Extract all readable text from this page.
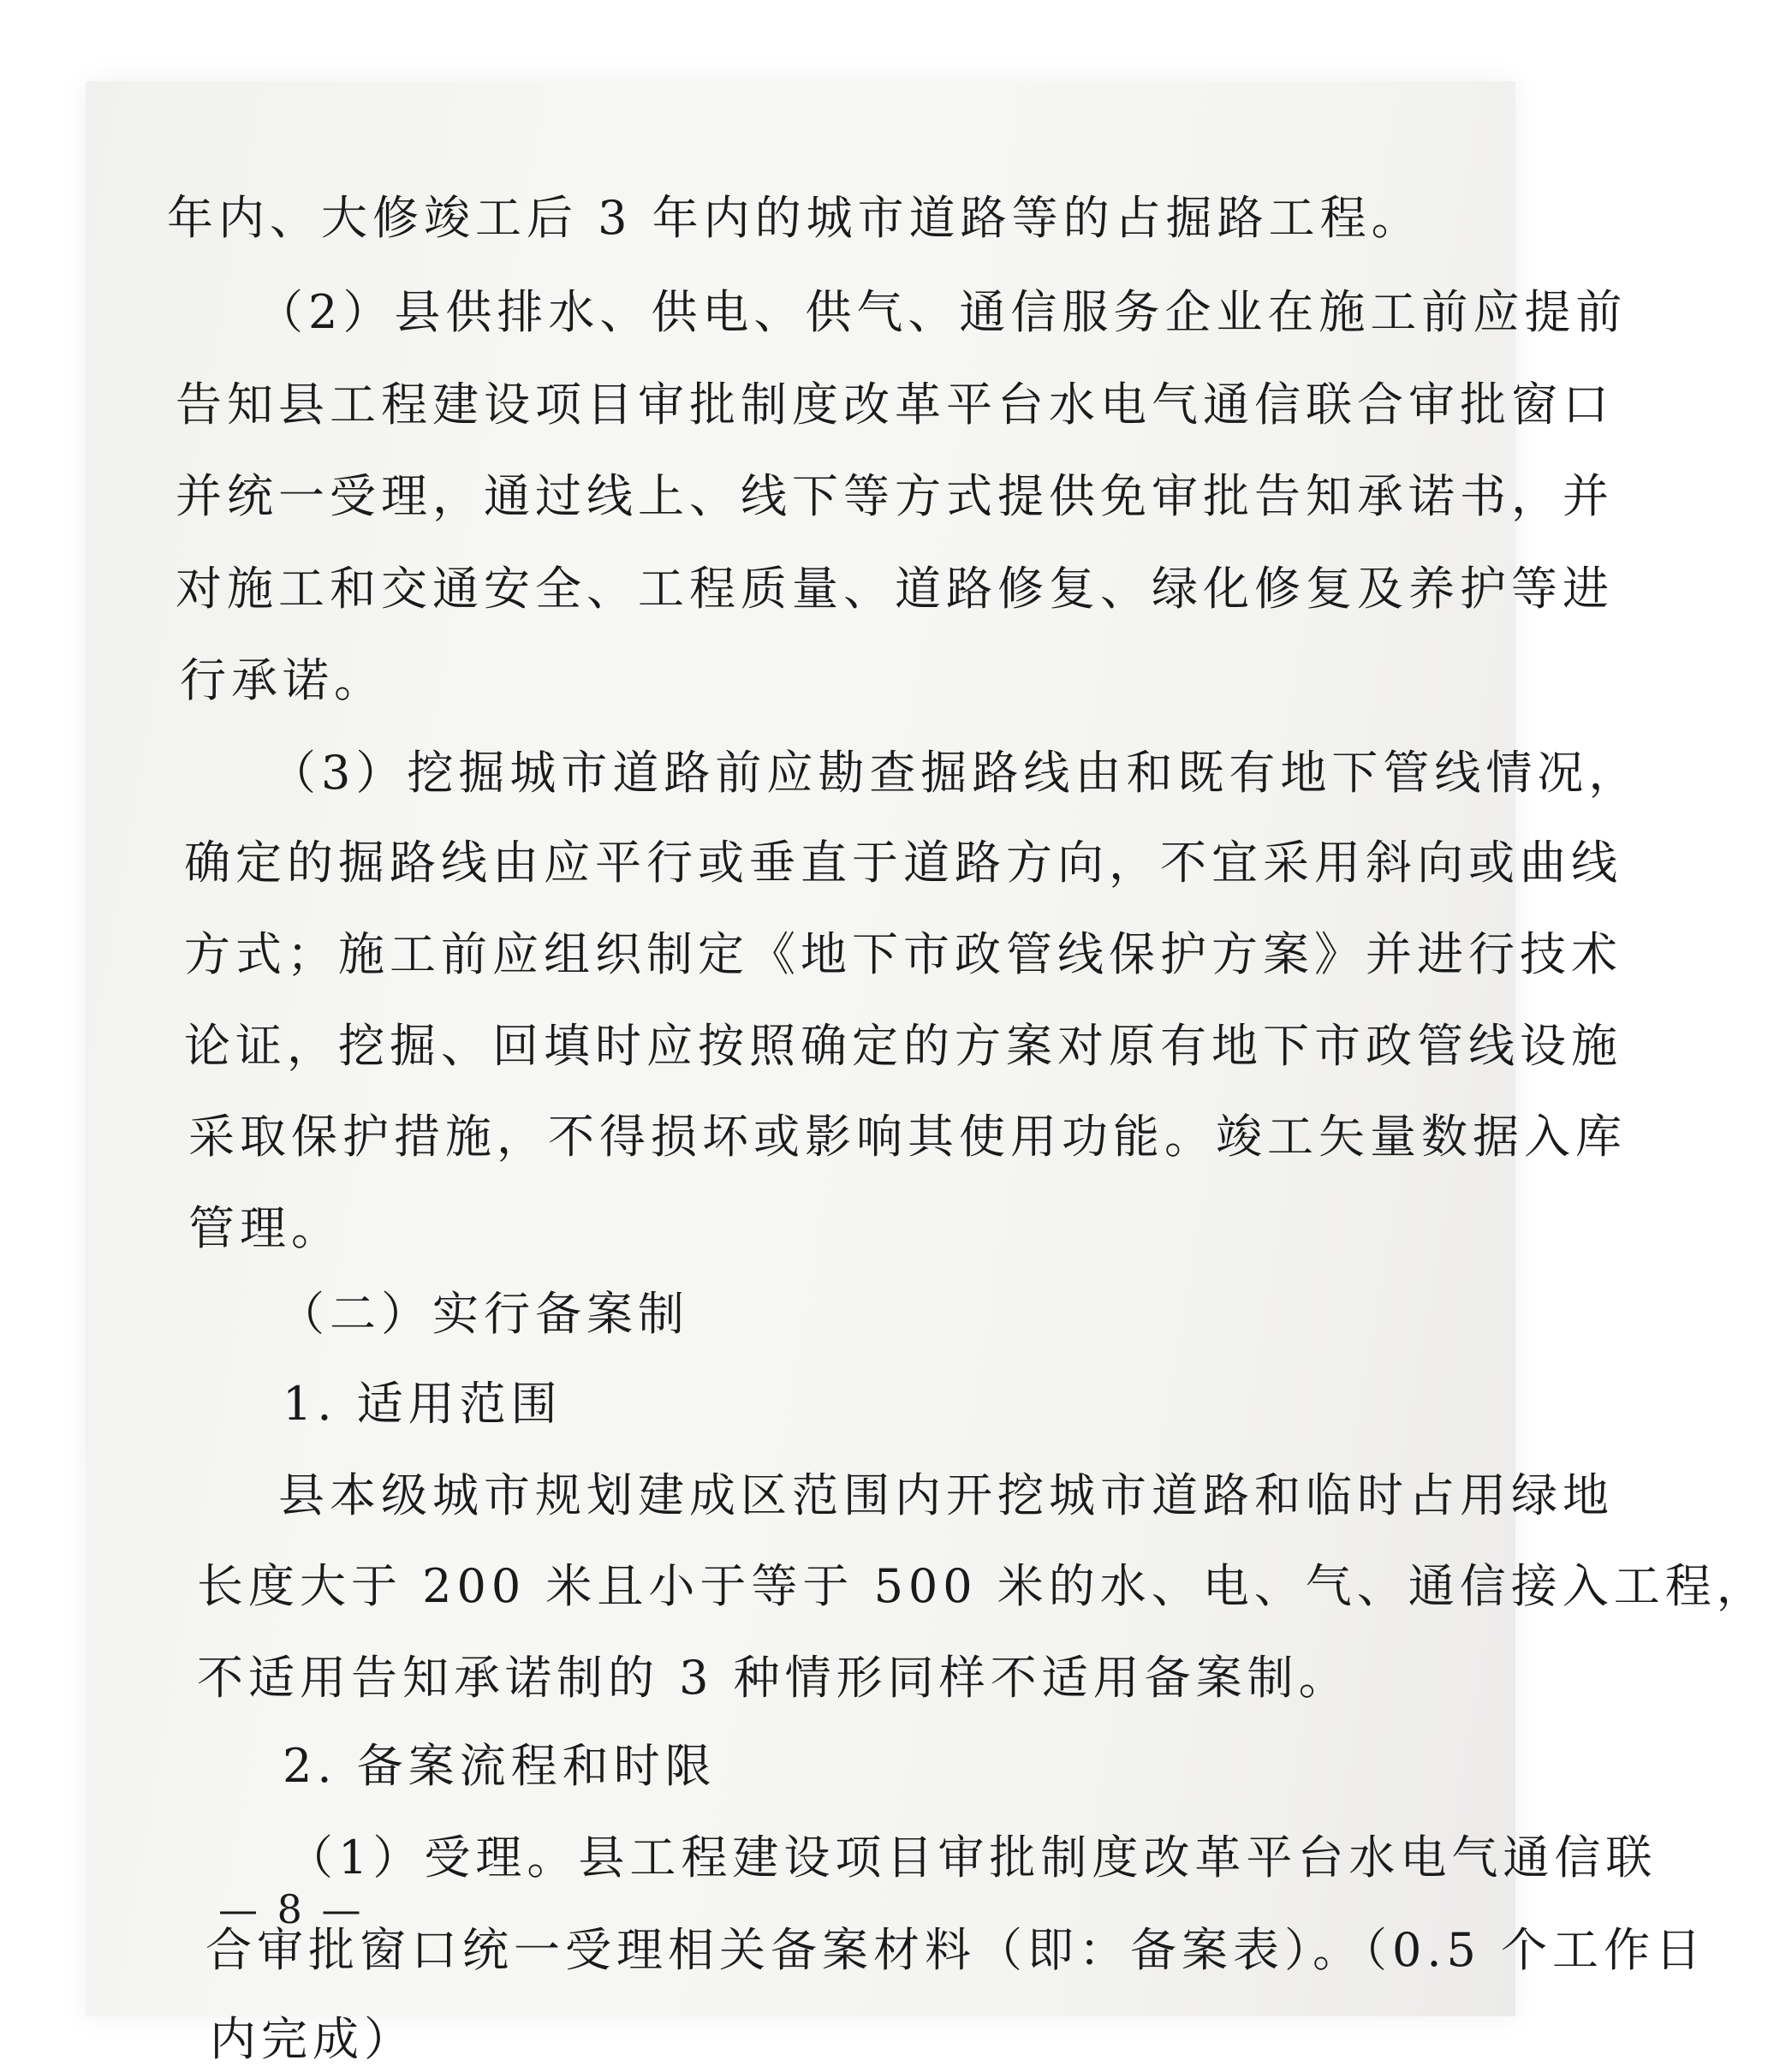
年内、大修竣工后 3 年内的城市道路等的占掘路工程。
（2）县供排水、供电、供气、通信服务企业在施工前应提前
告知县工程建设项目审批制度改革平台水电气通信联合审批窗口
并统一受理，通过线上、线下等方式提供免审批告知承诺书，并
对施工和交通安全、工程质量、道路修复、绿化修复及养护等进
行承诺。
（3）挖掘城市道路前应勘查掘路线由和既有地下管线情况，
确定的掘路线由应平行或垂直于道路方向，不宜采用斜向或曲线
方式；施工前应组织制定《地下市政管线保护方案》并进行技术
论证，挖掘、回填时应按照确定的方案对原有地下市政管线设施
采取保护措施，不得损坏或影响其使用功能。竣工矢量数据入库
管理。
（二）实行备案制
1. 适用范围
县本级城市规划建成区范围内开挖城市道路和临时占用绿地
长度大于 200 米且小于等于 500 米的水、电、气、通信接入工程，
不适用告知承诺制的 3 种情形同样不适用备案制。
2. 备案流程和时限
（1）受理。县工程建设项目审批制度改革平台水电气通信联
合审批窗口统一受理相关备案材料（即：备案表）。（0.5 个工作日
内完成）
— 8 —
